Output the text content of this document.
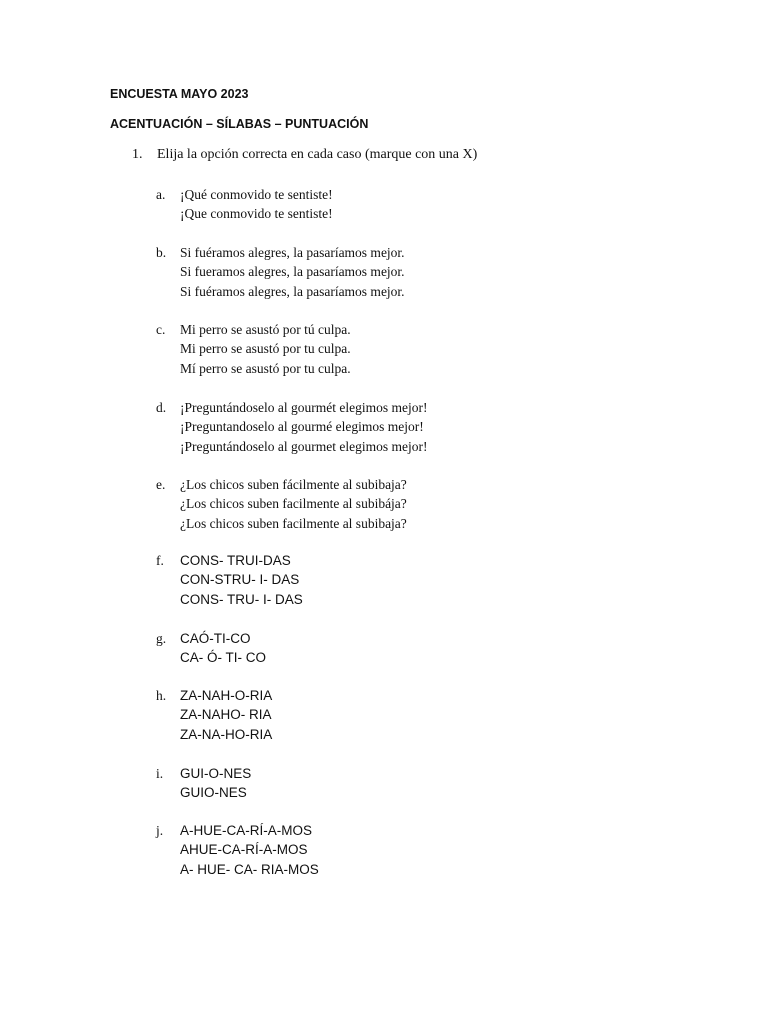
ENCUESTA MAYO 2023
ACENTUACIÓN – SÍLABAS – PUNTUACIÓN
1. Elija la opción correcta en cada caso (marque con una X)
a. ¡Qué conmovido te sentiste!
¡Que conmovido te sentiste!
b. Si fuéramos alegres, la pasaríamos mejor.
Si fueramos alegres, la pasaríamos mejor.
Si fuéramos alegres, la pasaríamos mejor.
c. Mi perro se asustó por tú culpa.
Mi perro se asustó por tu culpa.
Mí perro se asustó por tu culpa.
d. ¡Preguntándoselo al gourmét elegimos mejor!
¡Preguntandoselo al gourmé elegimos mejor!
¡Preguntándoselo al gourmet elegimos mejor!
e. ¿Los chicos suben fácilmente al subibaja?
¿Los chicos suben facilmente al subibája?
¿Los chicos suben facilmente al subibaja?
f. CONS- TRUI-DAS
CON-STRU- I- DAS
CONS- TRU- I- DAS
g. CAÓ-TI-CO
CA- Ó- TI- CO
h. ZA-NAH-O-RIA
ZA-NAHO- RIA
ZA-NA-HO-RIA
i. GUI-O-NES
GUIO-NES
j. A-HUE-CA-RÍ-A-MOS
AHUE-CA-RÍ-A-MOS
A- HUE- CA- RIA-MOS
